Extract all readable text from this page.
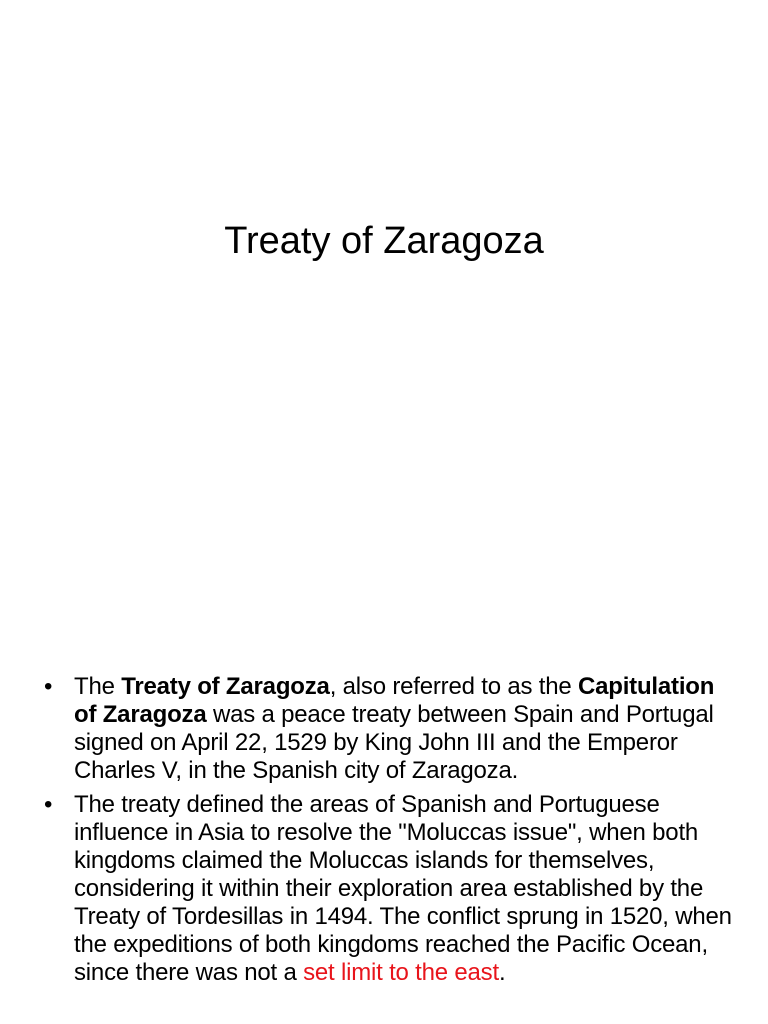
Treaty of Zaragoza
• The Treaty of Zaragoza, also referred to as the Capitulation of Zaragoza was a peace treaty between Spain and Portugal signed on April 22, 1529 by King John III and the Emperor Charles V, in the Spanish city of Zaragoza.
• The treaty defined the areas of Spanish and Portuguese influence in Asia to resolve the "Moluccas issue", when both kingdoms claimed the Moluccas islands for themselves, considering it within their exploration area established by the Treaty of Tordesillas in 1494. The conflict sprung in 1520, when the expeditions of both kingdoms reached the Pacific Ocean, since there was not a set limit to the east.
